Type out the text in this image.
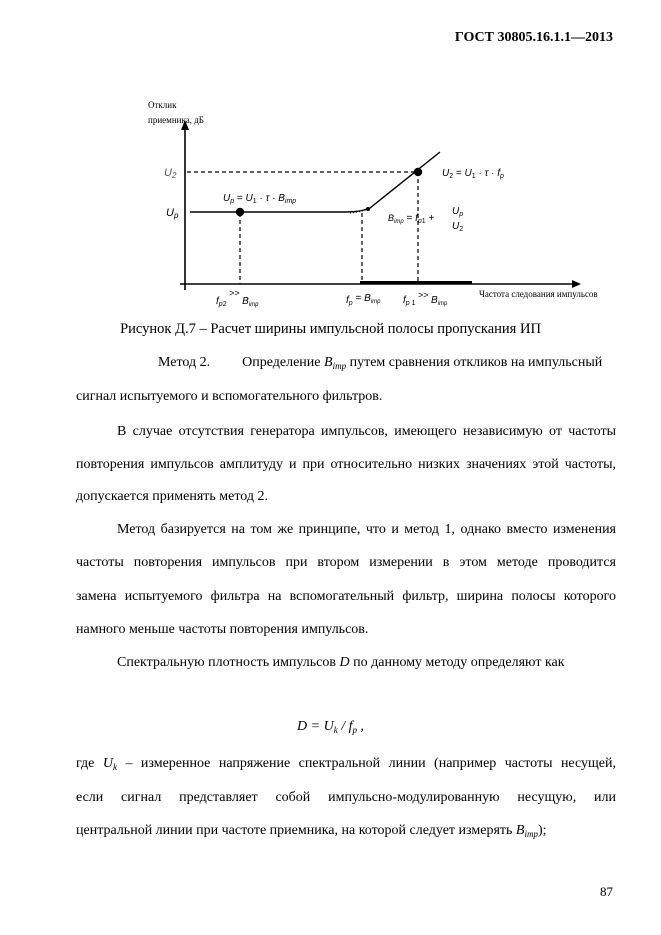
ГОСТ 30805.16.1.1—2013
Отклик
приемника, дБ
U2
Up
$U_p = U_1 \cdot \tau \cdot B_{imp}$
$U_2 = U_1 \cdot \tau \cdot f_p$
$B_{imp} = f_p1$ +
$U_p$
$U_2$
$f_p2 >> B_{imp}$	$f_p = B_{imp}$ $f_p$ $1 >> B_{imp}$
Частота следования импульсов
Рисунок Д.7 – Расчет ширины импульсной полосы пропускания ИП
Метод 2. Определение $B_{imp}$ путем сравнения откликов на импульсный
сигнал испытуемого и вспомогательного фильтров.
В случае отсутствия генератора импульсов, имеющего независимую от частоты
повторения импульсов амплитуду и при относительно низких значениях этой частоты,
допускается применять метод 2.
Метод базируется на том же принципе, что и метод 1, однако вместо изменения
частоты повторения импульсов при втором измерении в этом методе проводится
замена испытуемого фильтра на вспомогательный фильтр, ширина полосы которого
намного меньше частоты повторения импульсов.
Спектральную плотность импульсов D по данному методу определяют как
$D = U_k / f_p$ ,
где $U_k$ – измеренное напряжение спектральной линии (например частоты несущей,
если сигнал представляет собой импульсно-модулированную несущую, или
центральной линии при частоте приемника, на которой следует измерять $B_{imp}$);
87
